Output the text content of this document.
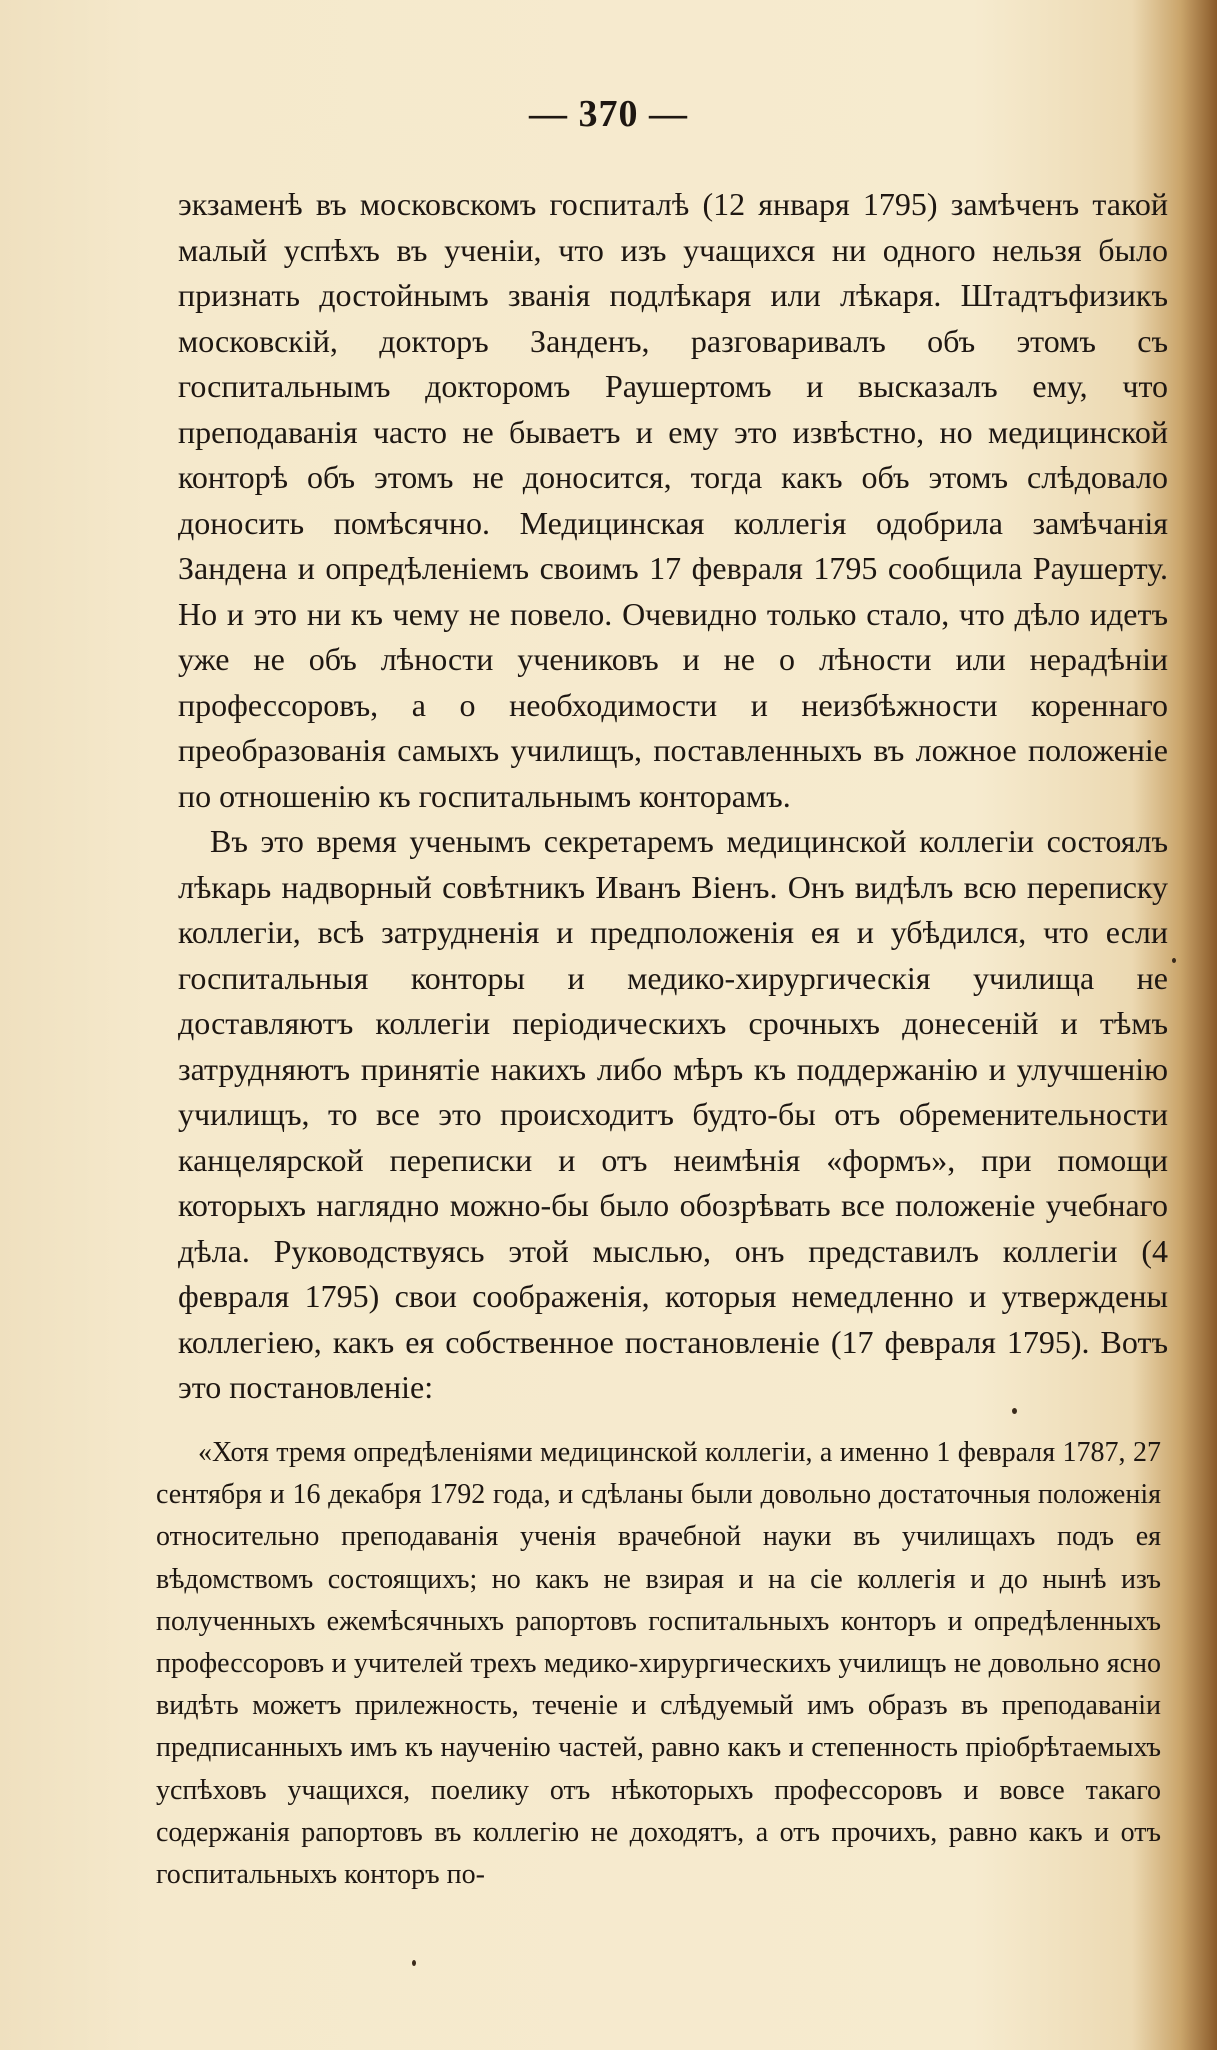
— 370 —

экзаменѣ въ московскомъ госпиталѣ (12 января 1795) замѣченъ такой малый успѣхъ въ ученіи, что изъ учащихся ни одного нельзя было признать достойнымъ званія подлѣкаря или лѣкаря. Штадтъфизикъ московскій, докторъ Занденъ, разговаривалъ объ этомъ съ госпитальнымъ докторомъ Раушертомъ и высказалъ ему, что преподаванія часто не бываетъ и ему это извѣстно, но медицинской конторѣ объ этомъ не доносится, тогда какъ объ этомъ слѣдовало доносить помѣсячно. Медицинская коллегія одобрила замѣчанія Зандена и опредѣленіемъ своимъ 17 февраля 1795 сообщила Раушерту. Но и это ни къ чему не повело. Очевидно только стало, что дѣло идетъ уже не объ лѣности учениковъ и не о лѣности или нерадѣніи профессоровъ, а о необходимости и неизбѣжности кореннаго преобразованія самыхъ училищъ, поставленныхъ въ ложное положеніе по отношенію къ госпитальнымъ конторамъ.

Въ это время ученымъ секретаремъ медицинской коллегіи состоялъ лѣкарь надворный совѣтникъ Иванъ Віенъ. Онъ видѣлъ всю переписку коллегіи, всѣ затрудненія и предположенія ея и убѣдился, что если госпитальныя конторы и медико-хирургическія училища не доставляютъ коллегіи періодическихъ срочныхъ донесеній и тѣмъ затрудняютъ принятіе накихъ либо мѣръ къ поддержанію и улучшенію училищъ, то все это происходитъ будто-бы отъ обременительности канцелярской переписки и отъ неимѣнія «формъ», при помощи которыхъ наглядно можно-бы было обозрѣвать все положеніе учебнаго дѣла. Руководствуясь этой мыслью, онъ представилъ коллегіи (4 февраля 1795) свои соображенія, которыя немедленно и утверждены коллегіею, какъ ея собственное постановленіе (17 февраля 1795). Вотъ это постановленіе:

«Хотя тремя опредѣленіями медицинской коллегіи, а именно 1 февраля 1787, 27 сентября и 16 декабря 1792 года, и сдѣланы были довольно достаточныя положенія относительно преподаванія ученія врачебной науки въ училищахъ подъ ея вѣдомствомъ состоящихъ; но какъ не взирая и на сіе коллегія и до нынѣ изъ полученныхъ ежемѣсячныхъ рапортовъ госпитальныхъ конторъ и опредѣленныхъ профессоровъ и учителей трехъ медико-хирургическихъ училищъ не довольно ясно видѣть можетъ прилежность, теченіе и слѣдуемый имъ образъ въ преподаваніи предписанныхъ имъ къ наученію частей, равно какъ и степенность пріобрѣтаемыхъ успѣховъ учащихся, поелику отъ нѣкоторыхъ профессоровъ и вовсе такаго содержанія рапортовъ въ коллегію не доходятъ, а отъ прочихъ, равно какъ и отъ госпитальныхъ конторъ по-
